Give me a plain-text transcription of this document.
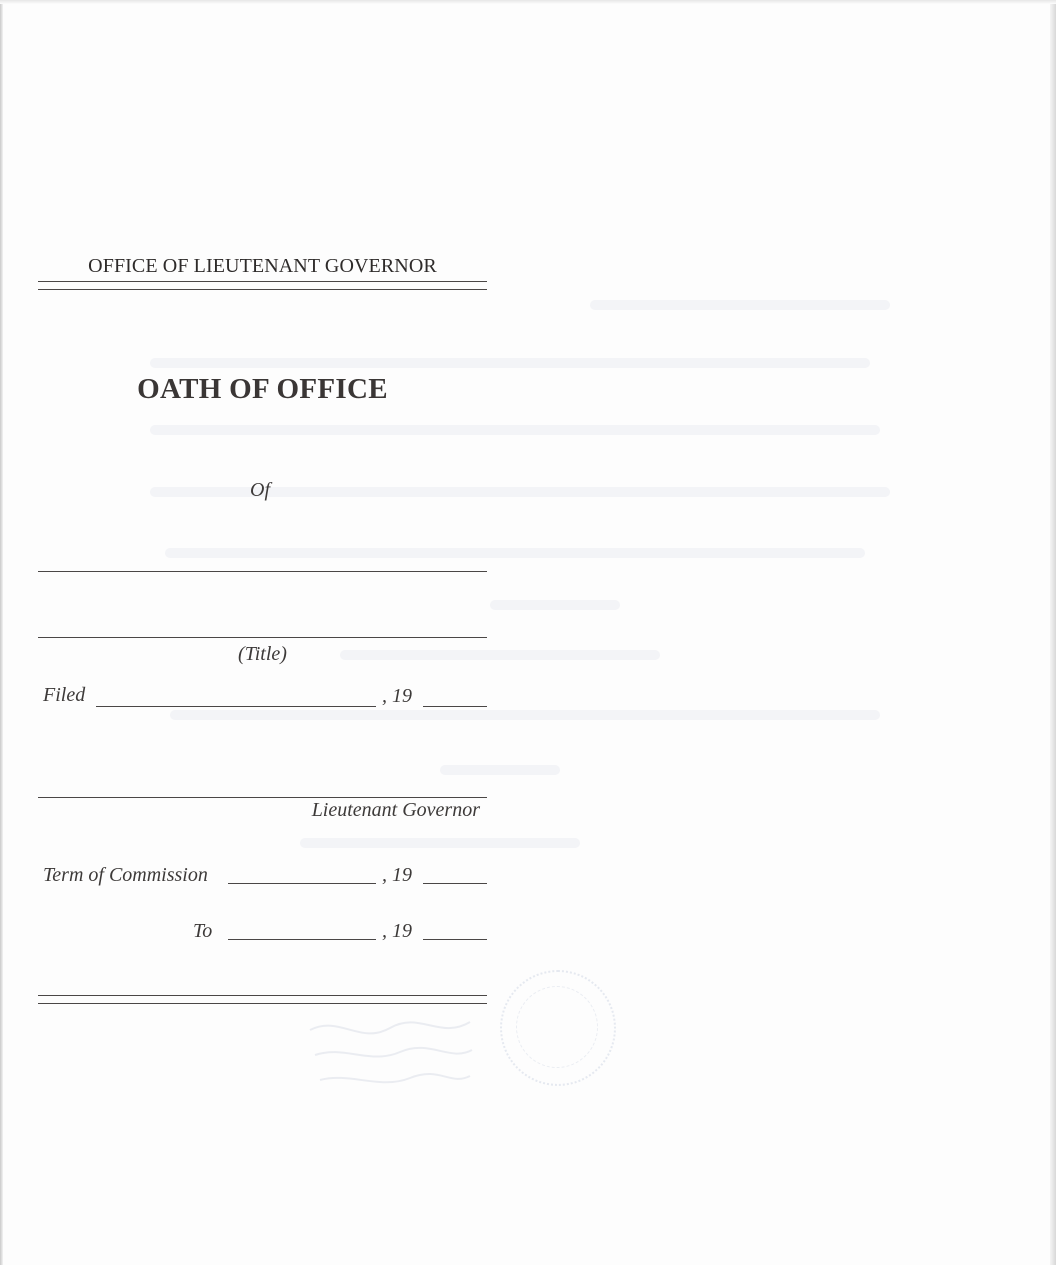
OFFICE OF LIEUTENANT GOVERNOR
OATH OF OFFICE
Of
(Title)
Filed	, 19
Lieutenant Governor
Term of Commission	, 19
To	, 19
